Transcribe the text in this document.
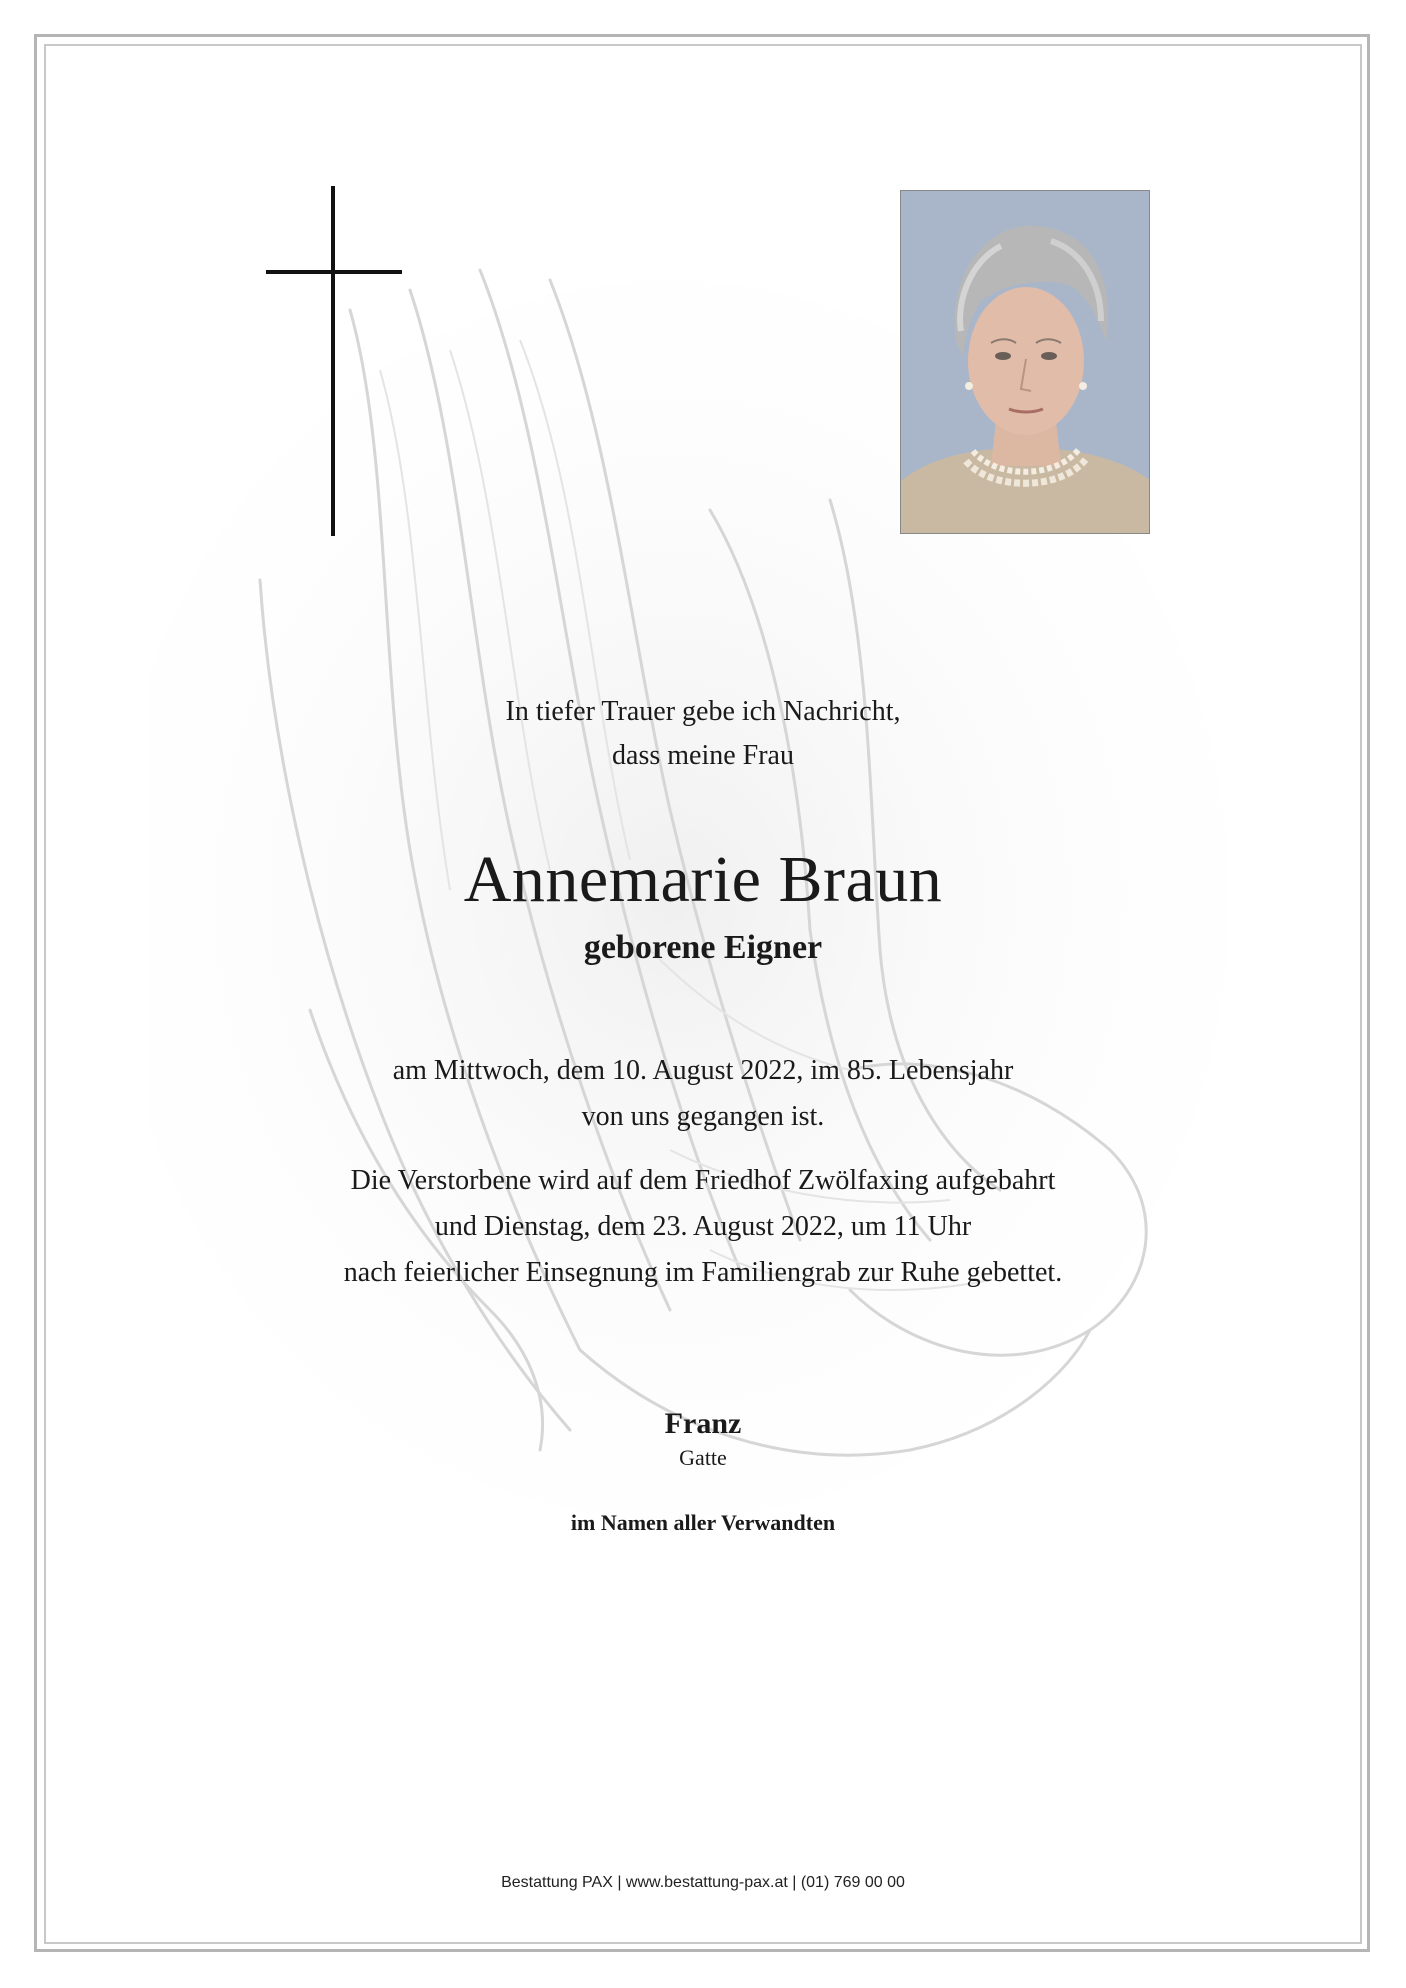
In tiefer Trauer gebe ich Nachricht,
dass meine Frau
Annemarie Braun
geborene Eigner
am Mittwoch, dem 10. August 2022, im 85. Lebensjahr
von uns gegangen ist.
Die Verstorbene wird auf dem Friedhof Zwölfaxing aufgebahrt
und Dienstag, dem 23. August 2022, um 11 Uhr
nach feierlicher Einsegnung im Familiengrab zur Ruhe gebettet.
Franz
Gatte
im Namen aller Verwandten
Bestattung PAX | www.bestattung-pax.at | (01) 769 00 00
